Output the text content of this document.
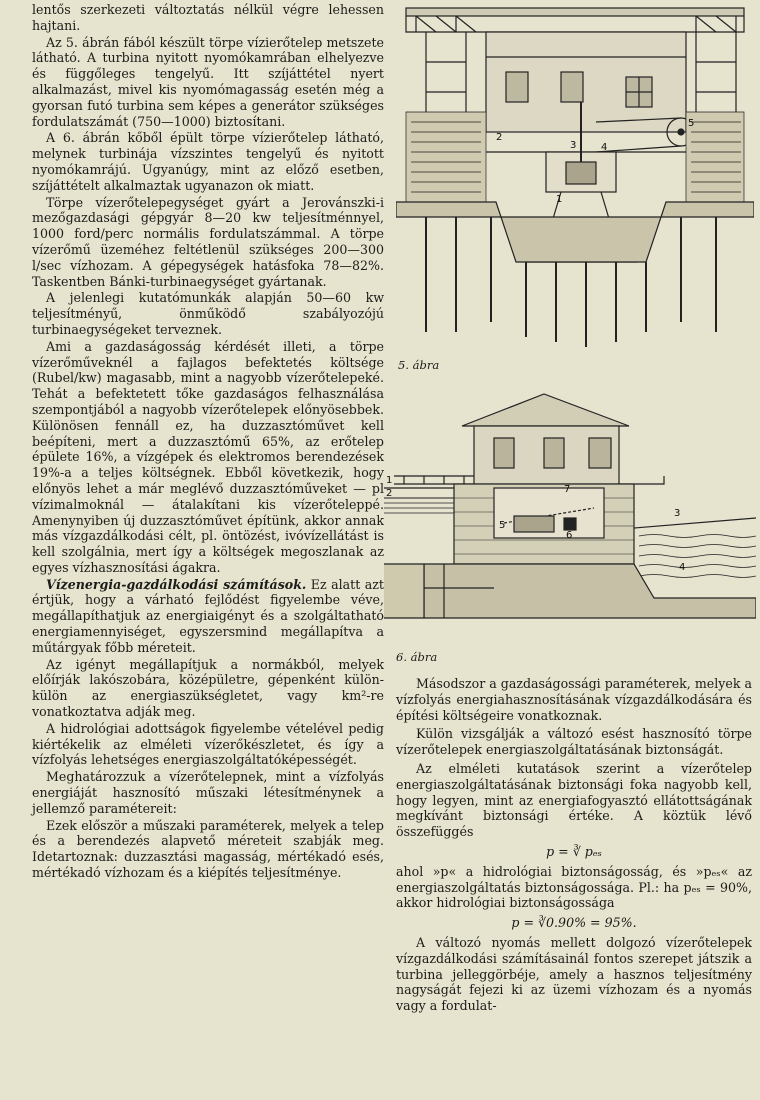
lentős szerkezeti változtatás nélkül végre lehessen hajtani.

Az 5. ábrán fából készült törpe vízierőtelep metszete látható. A turbina nyitott nyomókamrában elhelyezve és függőleges tengelyű. Itt szíjáttétel nyert alkalmazást, mivel kis nyomómagasság esetén még a gyorsan futó turbina sem képes a generátor szükséges fordulatszámát (750—1000) biztosítani.

A 6. ábrán kőből épült törpe vízierőtelep látható, melynek turbinája vízszintes tengelyű és nyitott nyomókamrájú. Ugyanúgy, mint az előző esetben, szíjáttételt alkalmaztak ugyanazon ok miatt.

Törpe vízerőtelepegységet gyárt a Jerovánszki-i mezőgazdasági gépgyár 8—20 kw teljesítménnyel, 1000 ford/perc normális fordulatszámmal. A törpe vízerőmű üzeméhez feltétlenül szükséges 200—300 l/sec vízhozam. A gépegységek hatásfoka 78—82%. Taskentben Bánki-turbinaegységet gyártanak.

A jelenlegi kutatómunkák alapján 50—60 kw teljesítményű, önműködő szabályozójú turbinaegységeket terveznek.

Ami a gazdaságosság kérdését illeti, a törpe vízerőműveknél a fajlagos befektetés költsége (Rubel/kw) magasabb, mint a nagyobb vízerőtelepeké. Tehát a befektetett tőke gazdaságos felhasználása szempontjából a nagyobb vízerőtelepek előnyösebbek. Különösen fennáll ez, ha duzzasztóművet kell beépíteni, mert a duzzasztómű 65%, az erőtelep épülete 16%, a vízgépek és elektromos berendezések 19%-a a teljes költségnek. Ebből következik, hogy előnyös lehet a már meglévő duzzasztóműveket — pl vízimalmoknál — átalakítani kis vízerőteleppé. Amenynyiben új duzzasztóművet építünk, akkor annak más vízgazdálkodási célt, pl. öntözést, ivóvízellátást is kell szolgálnia, mert így a költségek megoszlanak az egyes vízhasznosítási ágakra.

Vízenergia-gazdálkodási számítások. Ez alatt azt értjük, hogy a várható fejlődést figyelembe véve, megállapíthatjuk az energiaigényt és a szolgáltatható energiamennyiséget, egyszersmind megállapítva a műtárgyak főbb méreteit.

Az igényt megállapítjuk a normákból, melyek előírják lakószobára, középületre, gépenként külön-külön az energiaszükségletet, vagy km²-re vonatkoztatva adják meg.

A hidrológiai adottságok figyelembe vételével pedig kiértékelik az elméleti vízerőkészletet, és így a vízfolyás lehetséges energiaszolgáltatóképességét.

Meghatározzuk a vízerőtelepnek, mint a vízfolyás energiáját hasznosító műszaki létesítménynek a jellemző paramétereit:

Ezek először a műszaki paraméterek, melyek a telep és a berendezés alapvető méreteit szabják meg. Idetartoznak: duzzasztási magasság, mértékadó esés, mértékadó vízhozam és a kiépítés teljesítménye.

3
2
4
5
1
5. ábra
1
2
3
4
5
6
7
6. ábra

Másodszor a gazdaságossági paraméterek, melyek a vízfolyás energiahasznosításának vízgazdálkodására és építési költségeire vonatkoznak.

Külön vizsgálják a változó esést hasznosító törpe vízerőtelepek energiaszolgáltatásának biztonságát.

Az elméleti kutatások szerint a vízerőtelep energiaszolgáltatásának biztonsági foka nagyobb kell, hogy legyen, mint az energiafogyasztó ellátottságának megkívánt biztonsági értéke. A köztük lévő összefüggés

p = ∛ pₑₛ

ahol »p« a hidrológiai biztonságosság, és »pₑₛ« az energiaszolgáltatás biztonságossága. Pl.: ha pₑₛ = 90%, akkor hidrológiai biztonságossága

p = ∛0.90% = 95%.

A változó nyomás mellett dolgozó vízerőtelepek vízgazdálkodási számításainál fontos szerepet játszik a turbina jelleggörbéje, amely a hasznos teljesítmény nagyságát fejezi ki az üzemi vízhozam és a nyomás vagy a fordulat-
